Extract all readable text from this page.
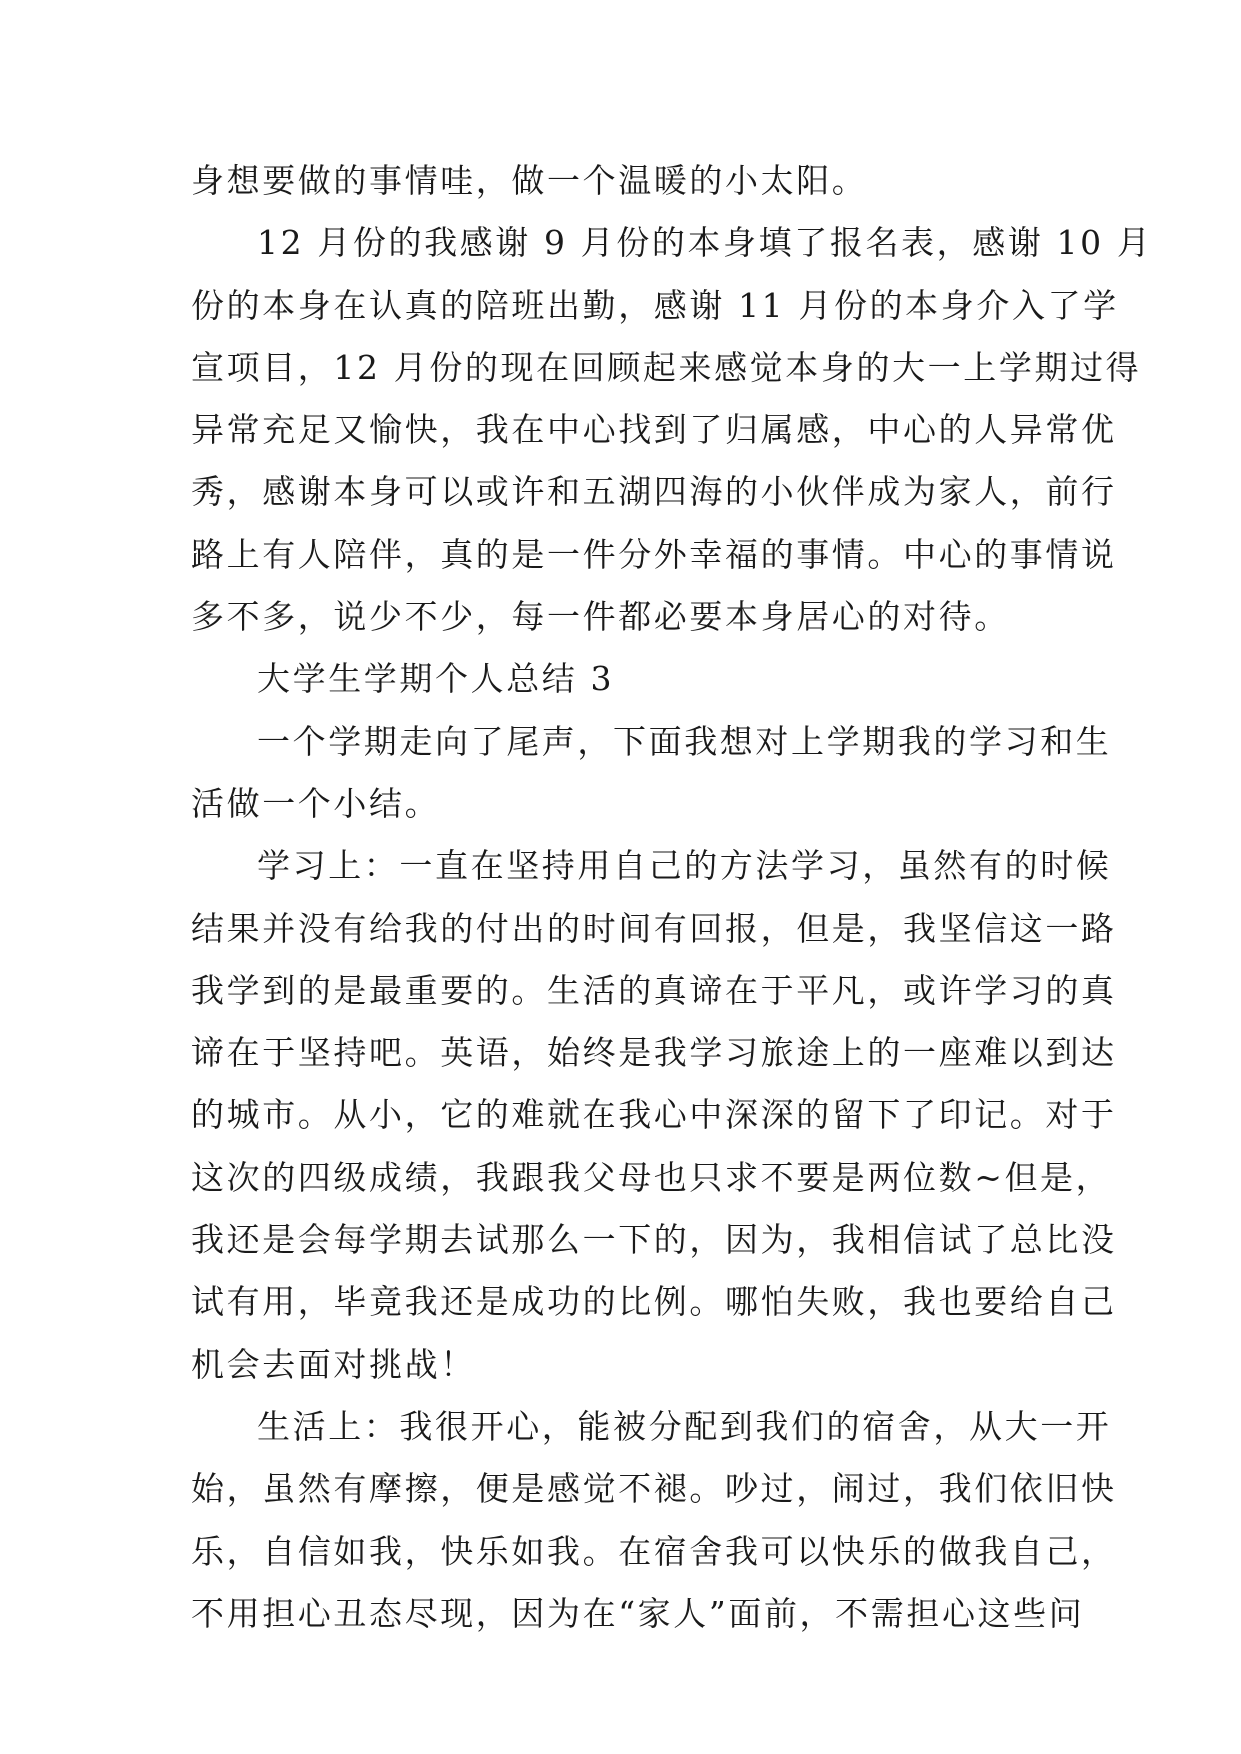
身想要做的事情哇，做一个温暖的小太阳。
12 月份的我感谢 9 月份的本身填了报名表，感谢 10 月
份的本身在认真的陪班出勤，感谢 11 月份的本身介入了学
宣项目，12 月份的现在回顾起来感觉本身的大一上学期过得
异常充足又愉快，我在中心找到了归属感，中心的人异常优
秀，感谢本身可以或许和五湖四海的小伙伴成为家人，前行
路上有人陪伴，真的是一件分外幸福的事情。中心的事情说
多不多，说少不少，每一件都必要本身居心的对待。
大学生学期个人总结 3
一个学期走向了尾声，下面我想对上学期我的学习和生
活做一个小结。
学习上：一直在坚持用自己的方法学习，虽然有的时候
结果并没有给我的付出的时间有回报，但是，我坚信这一路
我学到的是最重要的。生活的真谛在于平凡，或许学习的真
谛在于坚持吧。英语，始终是我学习旅途上的一座难以到达
的城市。从小，它的难就在我心中深深的留下了印记。对于
这次的四级成绩，我跟我父母也只求不要是两位数~但是，
我还是会每学期去试那么一下的，因为，我相信试了总比没
试有用，毕竟我还是成功的比例。哪怕失败，我也要给自己
机会去面对挑战！
生活上：我很开心，能被分配到我们的宿舍，从大一开
始，虽然有摩擦，便是感觉不褪。吵过，闹过，我们依旧快
乐，自信如我，快乐如我。在宿舍我可以快乐的做我自己，
不用担心丑态尽现，因为在“家人”面前，不需担心这些问
